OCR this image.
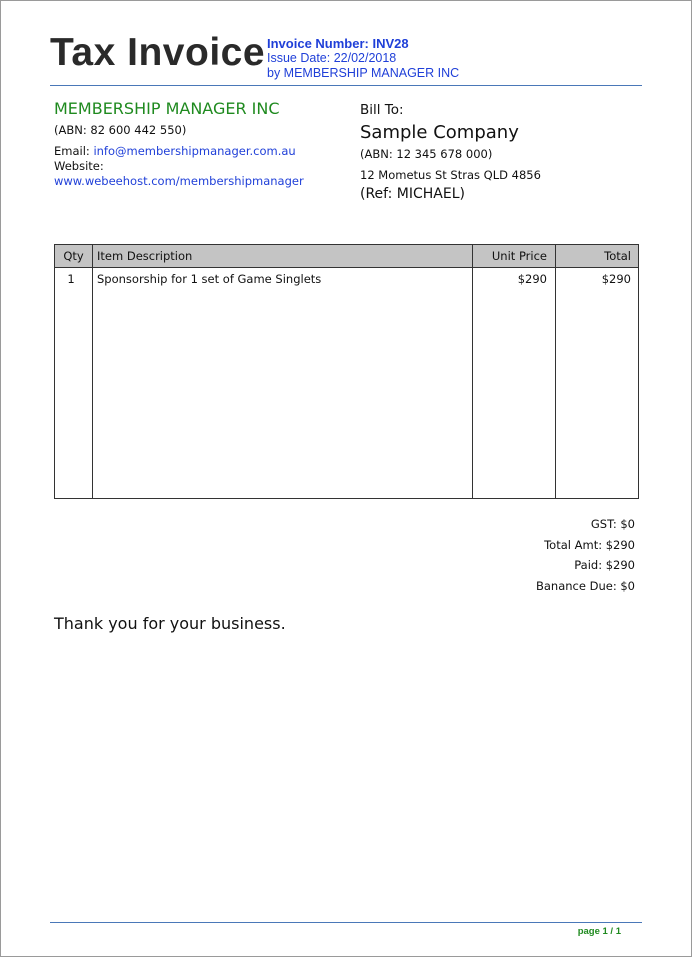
Tax Invoice Invoice Number: INV28
Issue Date: 22/02/2018
by MEMBERSHIP MANAGER INC
MEMBERSHIP MANAGER INC
(ABN: 82 600 442 550)
Email: info@membershipmanager.com.au
Website:
www.webeehost.com/membershipmanager
Bill To:
Sample Company
(ABN: 12 345 678 000)
12 Mometus St Stras QLD 4856
(Ref: MICHAEL)
Qty	Item Description	Unit Price	Total
1	Sponsorship for 1 set of Game Singlets	$290	$290
GST: $0
Total Amt: $290
Paid: $290
Banance Due: $0

Thank you for your business.

page 1 / 1
